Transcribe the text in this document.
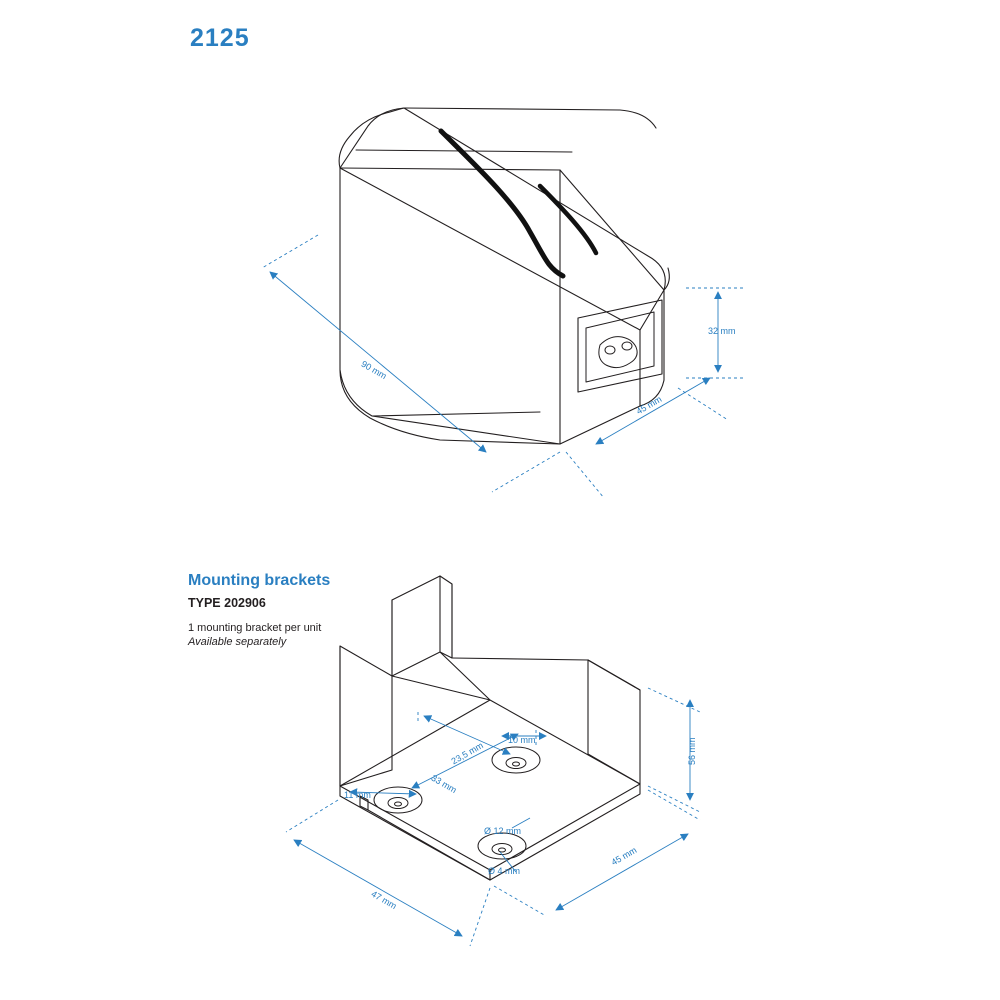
2125
90 mm
45 mm
32 mm
10 mm
23,5 mm
33 mm
11 mm
Ø 12 mm
Ø 4 mm
56 mm
45 mm
47 mm
Mounting brackets
TYPE 202906
1 mounting bracket per unit
Available separately
